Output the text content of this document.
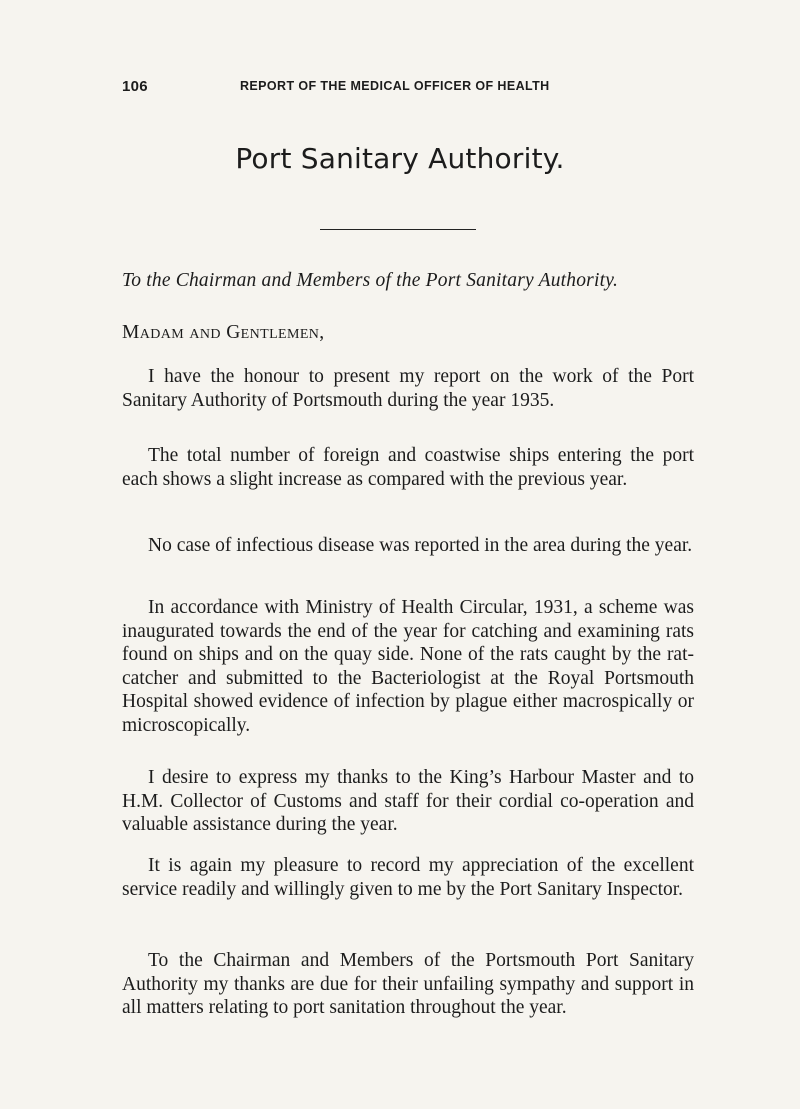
106	REPORT OF THE MEDICAL OFFICER OF HEALTH
Port Sanitary Authority.
To the Chairman and Members of the Port Sanitary Authority.
Madam and Gentlemen,

I have the honour to present my report on the work of the Port Sanitary Authority of Portsmouth during the year 1935.

The total number of foreign and coastwise ships entering the port each shows a slight increase as compared with the previous year.

No case of infectious disease was reported in the area during the year.

In accordance with Ministry of Health Circular, 1931, a scheme was inaugurated towards the end of the year for catching and examining rats found on ships and on the quay side. None of the rats caught by the rat-catcher and submitted to the Bacteriologist at the Royal Portsmouth Hospital showed evidence of infection by plague either macrospically or microscopically.

I desire to express my thanks to the King’s Harbour Master and to H.M. Collector of Customs and staff for their cordial co-operation and valuable assistance during the year.

It is again my pleasure to record my appreciation of the excellent service readily and willingly given to me by the Port Sanitary Inspector.

To the Chairman and Members of the Portsmouth Port Sanitary Authority my thanks are due for their unfailing sympathy and support in all matters relating to port sanitation throughout the year.
